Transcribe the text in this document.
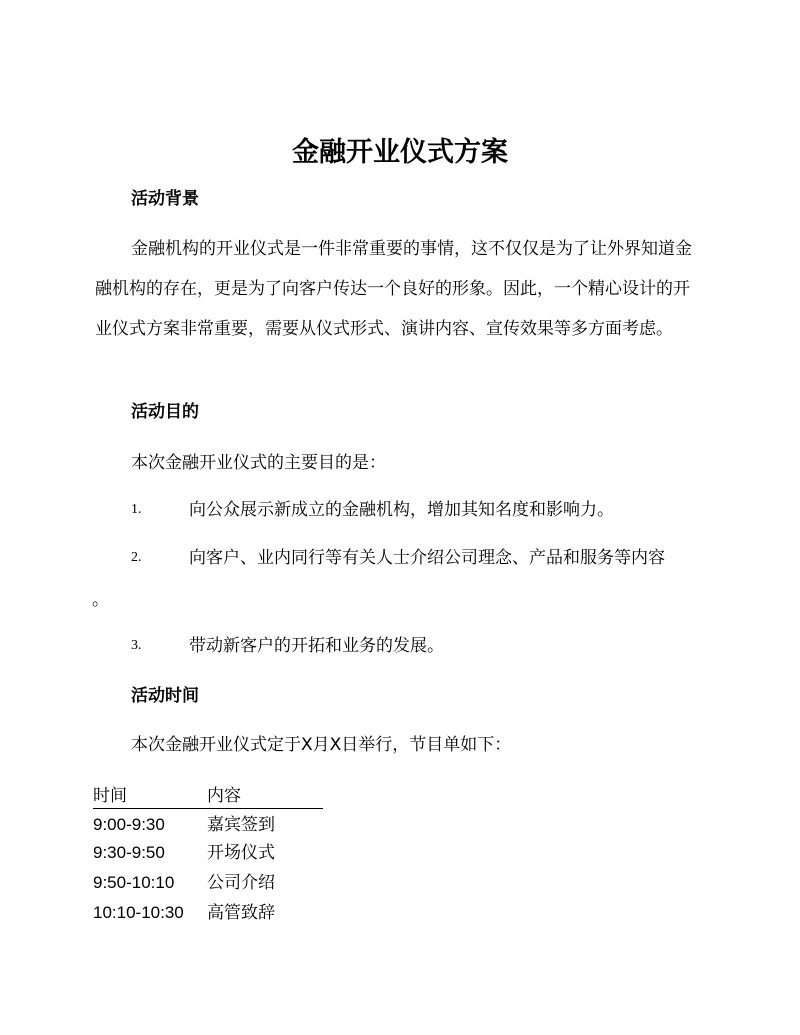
金融开业仪式方案
活动背景

金融机构的开业仪式是一件非常重要的事情，这不仅仅是为了让外界知道金融机构的存在，更是为了向客户传达一个良好的形象。因此，一个精心设计的开业仪式方案非常重要，需要从仪式形式、演讲内容、宣传效果等多方面考虑。

活动目的

本次金融开业仪式的主要目的是：

1.	向公众展示新成立的金融机构，增加其知名度和影响力。
2.	向客户、业内同行等有关人士介绍公司理念、产品和服务等内容
。
3.	带动新客户的开拓和业务的发展。
活动时间

本次金融开业仪式定于X月X日举行，节目单如下：

时间	内容
9:00-9:30	嘉宾签到
9:30-9:50	开场仪式
9:50-10:10	公司介绍
10:10-10:30	高管致辞
